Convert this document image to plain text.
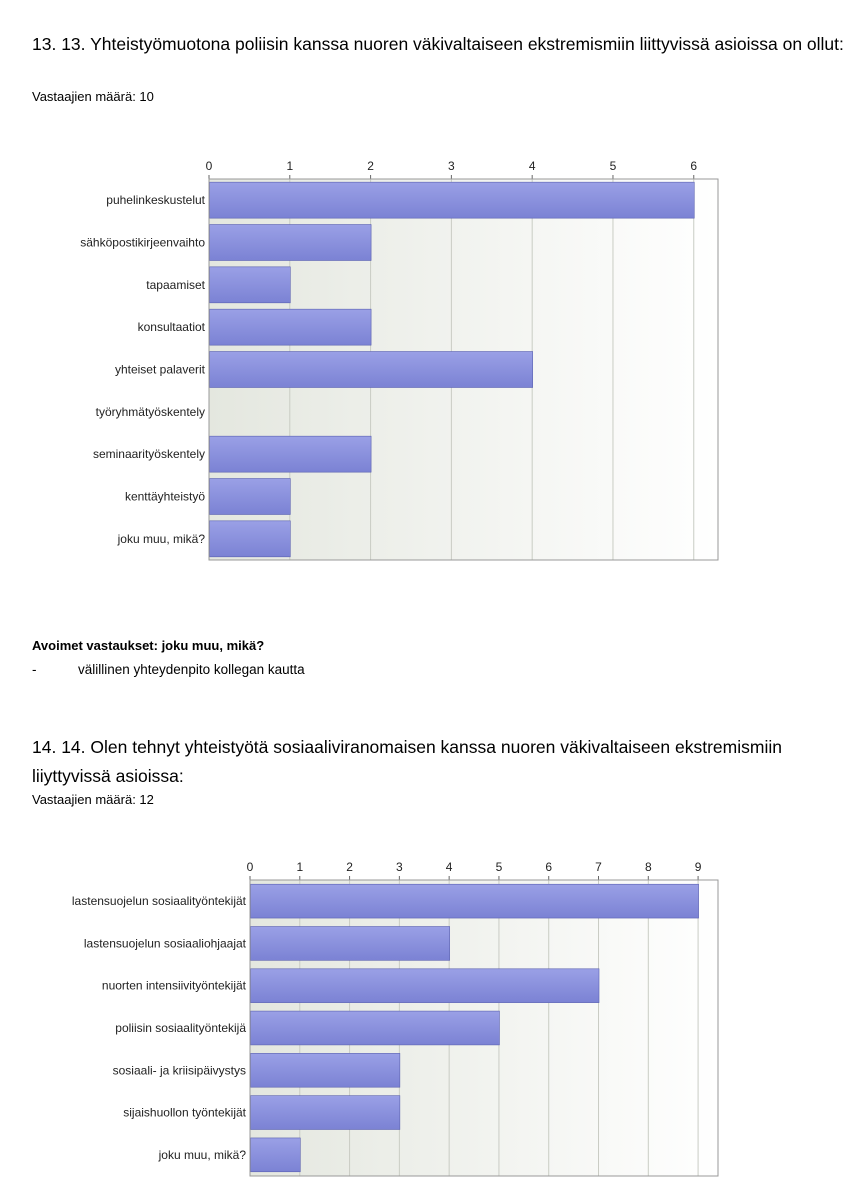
13. 13. Yhteistyömuotona poliisin kanssa nuoren väkivaltaiseen ekstremismiin liittyvissä asioissa on ollut:
Vastaajien määrä: 10
0	1	2	3	4	5	6
puhelinkeskustelut
sähköpostikirjeenvaihto
tapaamiset
konsultaatiot
yhteiset palaverit
työryhmätyöskentely
seminaarityöskentely
kenttäyhteistyö
joku muu, mikä?
Avoimet vastaukset: joku muu, mikä?
-	välillinen yhteydenpito kollegan kautta
14. 14. Olen tehnyt yhteistyötä sosiaaliviranomaisen kanssa nuoren väkivaltaiseen ekstremismiin liiyttyvissä asioissa:
Vastaajien määrä: 12
0	1	2	3	4	5	6	7	8	9
lastensuojelun sosiaalityöntekijät
lastensuojelun sosiaaliohjaajat
nuorten intensiivityöntekijät
poliisin sosiaalityöntekijä
sosiaali- ja kriisipäivystys
sijaishuollon työntekijät
joku muu, mikä?
